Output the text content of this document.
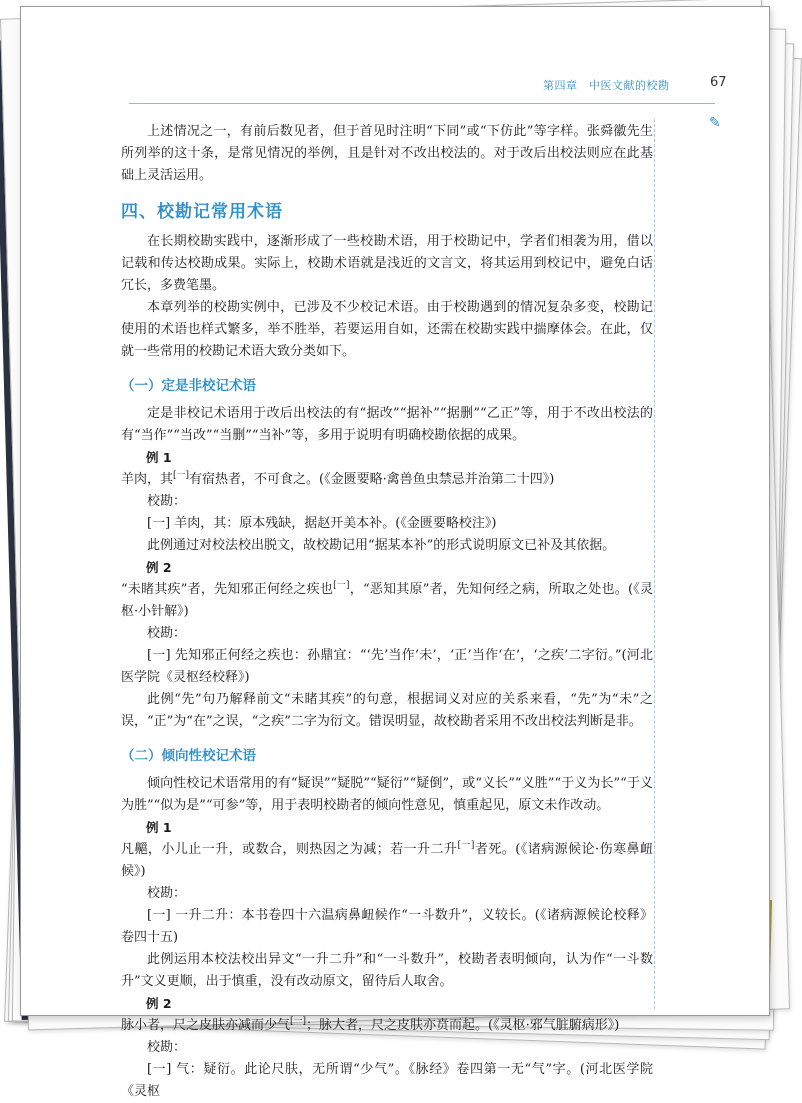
第四章　中医文献的校勘	67
✎

上述情况之一，有前后数见者，但于首见时注明“下同”或“下仿此”等字样。张舜徽先生所列举的这十条，是常见情况的举例，且是针对不改出校法的。对于改后出校法则应在此基础上灵活运用。

四、校勘记常用术语

在长期校勘实践中，逐渐形成了一些校勘术语，用于校勘记中，学者们相袭为用，借以记载和传达校勘成果。实际上，校勘术语就是浅近的文言文，将其运用到校记中，避免白话冗长，多费笔墨。

本章列举的校勘实例中，已涉及不少校记术语。由于校勘遇到的情况复杂多变，校勘记使用的术语也样式繁多，举不胜举，若要运用自如，还需在校勘实践中揣摩体会。在此，仅就一些常用的校勘记术语大致分类如下。

（一）定是非校记术语

定是非校记术语用于改后出校法的有“据改”“据补”“据删”“乙正”等，用于不改出校法的有“当作”“当改”“当删”“当补”等，多用于说明有明确校勘依据的成果。

例 1

羊肉，其[一]有宿热者，不可食之。(《金匮要略·禽兽鱼虫禁忌并治第二十四》)

校勘：

[一] 羊肉，其：原本残缺，据赵开美本补。(《金匮要略校注》)

此例通过对校法校出脱文，故校勘记用“据某本补”的形式说明原文已补及其依据。

例 2

“未睹其疾”者，先知邪正何经之疾也[一]，“恶知其原”者，先知何经之病，所取之处也。(《灵枢·小针解》)

校勘：

[一] 先知邪正何经之疾也：孙鼎宜：“‘先’当作‘未’，‘正’当作‘在’，‘之疾’二字衍。”(河北医学院《灵枢经校释》)

此例“先”句乃解释前文“未睹其疾”的句意，根据词义对应的关系来看，“先”为“未”之误，“正”为“在”之误，“之疾”二字为衍文。错误明显，故校勘者采用不改出校法判断是非。

（二）倾向性校记术语

倾向性校记术语常用的有“疑误”“疑脱”“疑衍”“疑倒”，或“义长”“义胜”“于义为长”“于义为胜”“似为是”“可参”等，用于表明校勘者的倾向性意见，慎重起见，原文未作改动。

例 1

凡齆，小儿止一升，或数合，则热因之为减；若一升二升[一]者死。(《诸病源候论·伤寒鼻衄候》)

校勘：

[一] 一升二升：本书卷四十六温病鼻衄候作“一斗数升”，义较长。(《诸病源候论校释》卷四十五)

此例运用本校法校出异文“一升二升”和“一斗数升”，校勘者表明倾向，认为作“一斗数升”文义更顺，出于慎重，没有改动原文，留待后人取舍。

例 2

脉小者，尺之皮肤亦减而少气[一]；脉大者，尺之皮肤亦贲而起。(《灵枢·邪气脏腑病形》)

校勘：

[一] 气：疑衍。此论尺肤，无所谓“少气”。《脉经》卷四第一无“气”字。(河北医学院《灵枢
